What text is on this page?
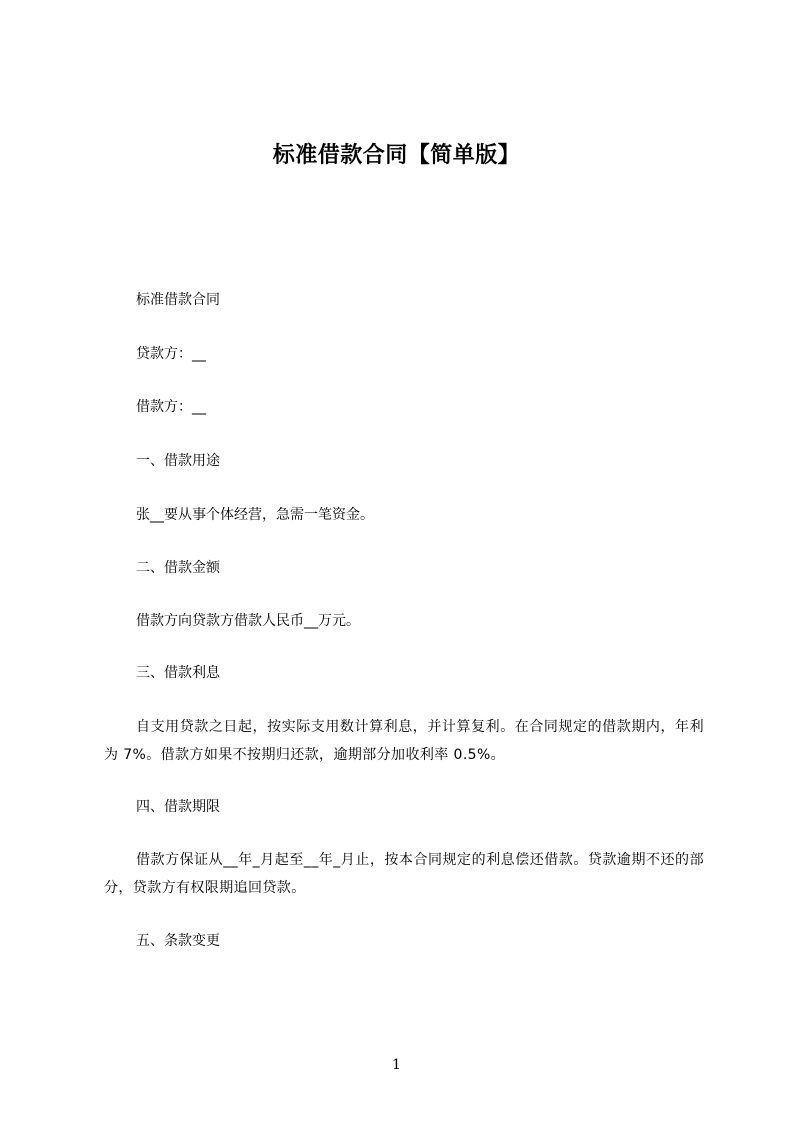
标准借款合同【简单版】
标准借款合同
贷款方：__
借款方：__
一、借款用途
张__要从事个体经营，急需一笔资金。
二、借款金额
借款方向贷款方借款人民币__万元。
三、借款利息
自支用贷款之日起，按实际支用数计算利息，并计算复利。在合同规定的借款期内，年利为 7%。借款方如果不按期归还款，逾期部分加收利率 0.5%。
四、借款期限
借款方保证从__年_月起至__年_月止，按本合同规定的利息偿还借款。贷款逾期不还的部分，贷款方有权限期追回贷款。
五、条款变更
1
